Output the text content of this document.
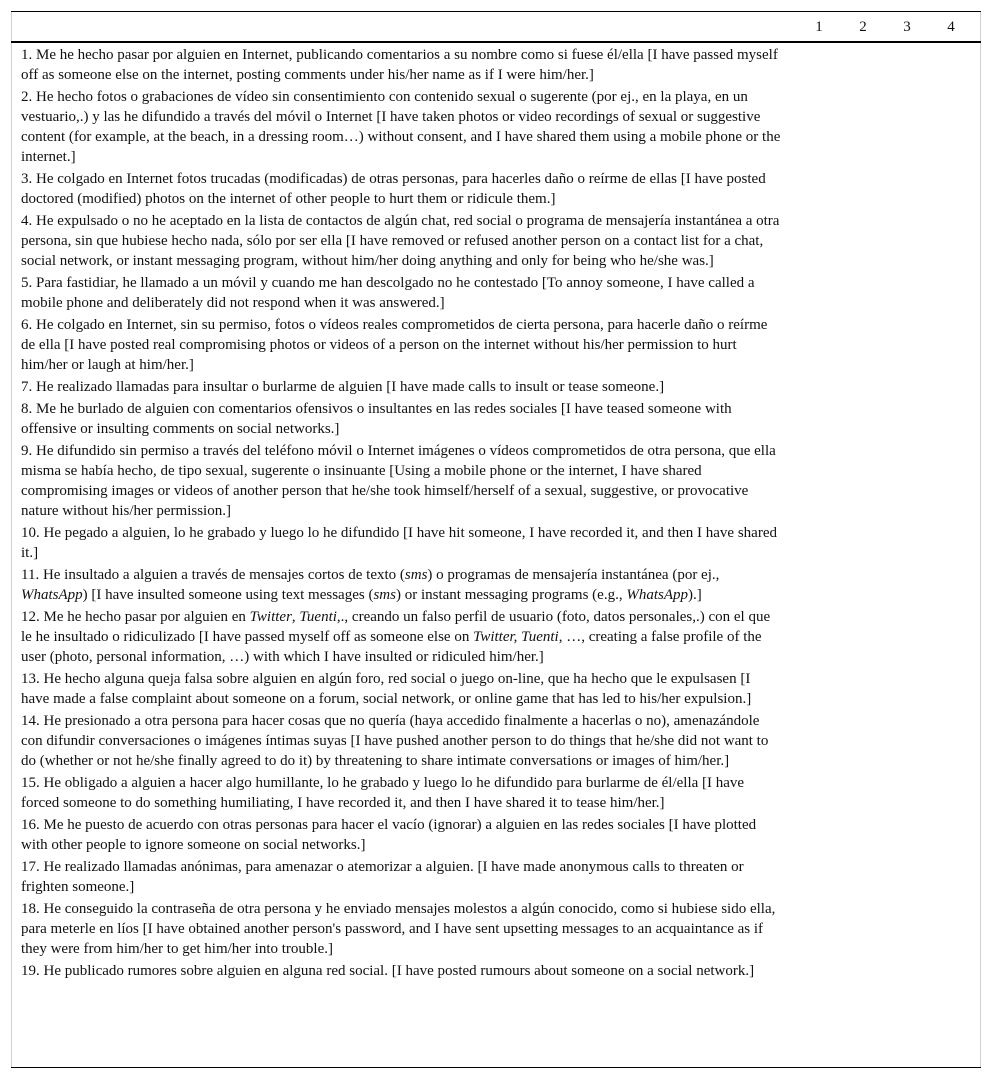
1	2	3	4
1. Me he hecho pasar por alguien en Internet, publicando comentarios a su nombre como si fuese él/ella [I have passed myself off as someone else on the internet, posting comments under his/her name as if I were him/her.]
2. He hecho fotos o grabaciones de vídeo sin consentimiento con contenido sexual o sugerente (por ej., en la playa, en un vestuario,.) y las he difundido a través del móvil o Internet [I have taken photos or video recordings of sexual or suggestive content (for example, at the beach, in a dressing room…) without consent, and I have shared them using a mobile phone or the internet.]
3. He colgado en Internet fotos trucadas (modificadas) de otras personas, para hacerles daño o reírme de ellas [I have posted doctored (modified) photos on the internet of other people to hurt them or ridicule them.]
4. He expulsado o no he aceptado en la lista de contactos de algún chat, red social o programa de mensajería instantánea a otra persona, sin que hubiese hecho nada, sólo por ser ella [I have removed or refused another person on a contact list for a chat, social network, or instant messaging program, without him/her doing anything and only for being who he/she was.]
5. Para fastidiar, he llamado a un móvil y cuando me han descolgado no he contestado [To annoy someone, I have called a mobile phone and deliberately did not respond when it was answered.]
6. He colgado en Internet, sin su permiso, fotos o vídeos reales comprometidos de cierta persona, para hacerle daño o reírme de ella [I have posted real compromising photos or videos of a person on the internet without his/her permission to hurt him/her or laugh at him/her.]
7. He realizado llamadas para insultar o burlarme de alguien [I have made calls to insult or tease someone.]
8. Me he burlado de alguien con comentarios ofensivos o insultantes en las redes sociales [I have teased someone with offensive or insulting comments on social networks.]
9. He difundido sin permiso a través del teléfono móvil o Internet imágenes o vídeos comprometidos de otra persona, que ella misma se había hecho, de tipo sexual, sugerente o insinuante [Using a mobile phone or the internet, I have shared compromising images or videos of another person that he/she took himself/herself of a sexual, suggestive, or provocative nature without his/her permission.]
10. He pegado a alguien, lo he grabado y luego lo he difundido [I have hit someone, I have recorded it, and then I have shared it.]
11. He insultado a alguien a través de mensajes cortos de texto (sms) o programas de mensajería instantánea (por ej., WhatsApp) [I have insulted someone using text messages (sms) or instant messaging programs (e.g., WhatsApp).]
12. Me he hecho pasar por alguien en Twitter, Tuenti,., creando un falso perfil de usuario (foto, datos personales,.) con el que le he insultado o ridiculizado [I have passed myself off as someone else on Twitter, Tuenti, …, creating a false profile of the user (photo, personal information, …) with which I have insulted or ridiculed him/her.]
13. He hecho alguna queja falsa sobre alguien en algún foro, red social o juego on-line, que ha hecho que le expulsasen [I have made a false complaint about someone on a forum, social network, or online game that has led to his/her expulsion.]
14. He presionado a otra persona para hacer cosas que no quería (haya accedido finalmente a hacerlas o no), amenazándole con difundir conversaciones o imágenes íntimas suyas [I have pushed another person to do things that he/she did not want to do (whether or not he/she finally agreed to do it) by threatening to share intimate conversations or images of him/her.]
15. He obligado a alguien a hacer algo humillante, lo he grabado y luego lo he difundido para burlarme de él/ella [I have forced someone to do something humiliating, I have recorded it, and then I have shared it to tease him/her.]
16. Me he puesto de acuerdo con otras personas para hacer el vacío (ignorar) a alguien en las redes sociales [I have plotted with other people to ignore someone on social networks.]
17. He realizado llamadas anónimas, para amenazar o atemorizar a alguien. [I have made anonymous calls to threaten or frighten someone.]
18. He conseguido la contraseña de otra persona y he enviado mensajes molestos a algún conocido, como si hubiese sido ella, para meterle en líos [I have obtained another person's password, and I have sent upsetting messages to an acquaintance as if they were from him/her to get him/her into trouble.]
19. He publicado rumores sobre alguien en alguna red social. [I have posted rumours about someone on a social network.]
